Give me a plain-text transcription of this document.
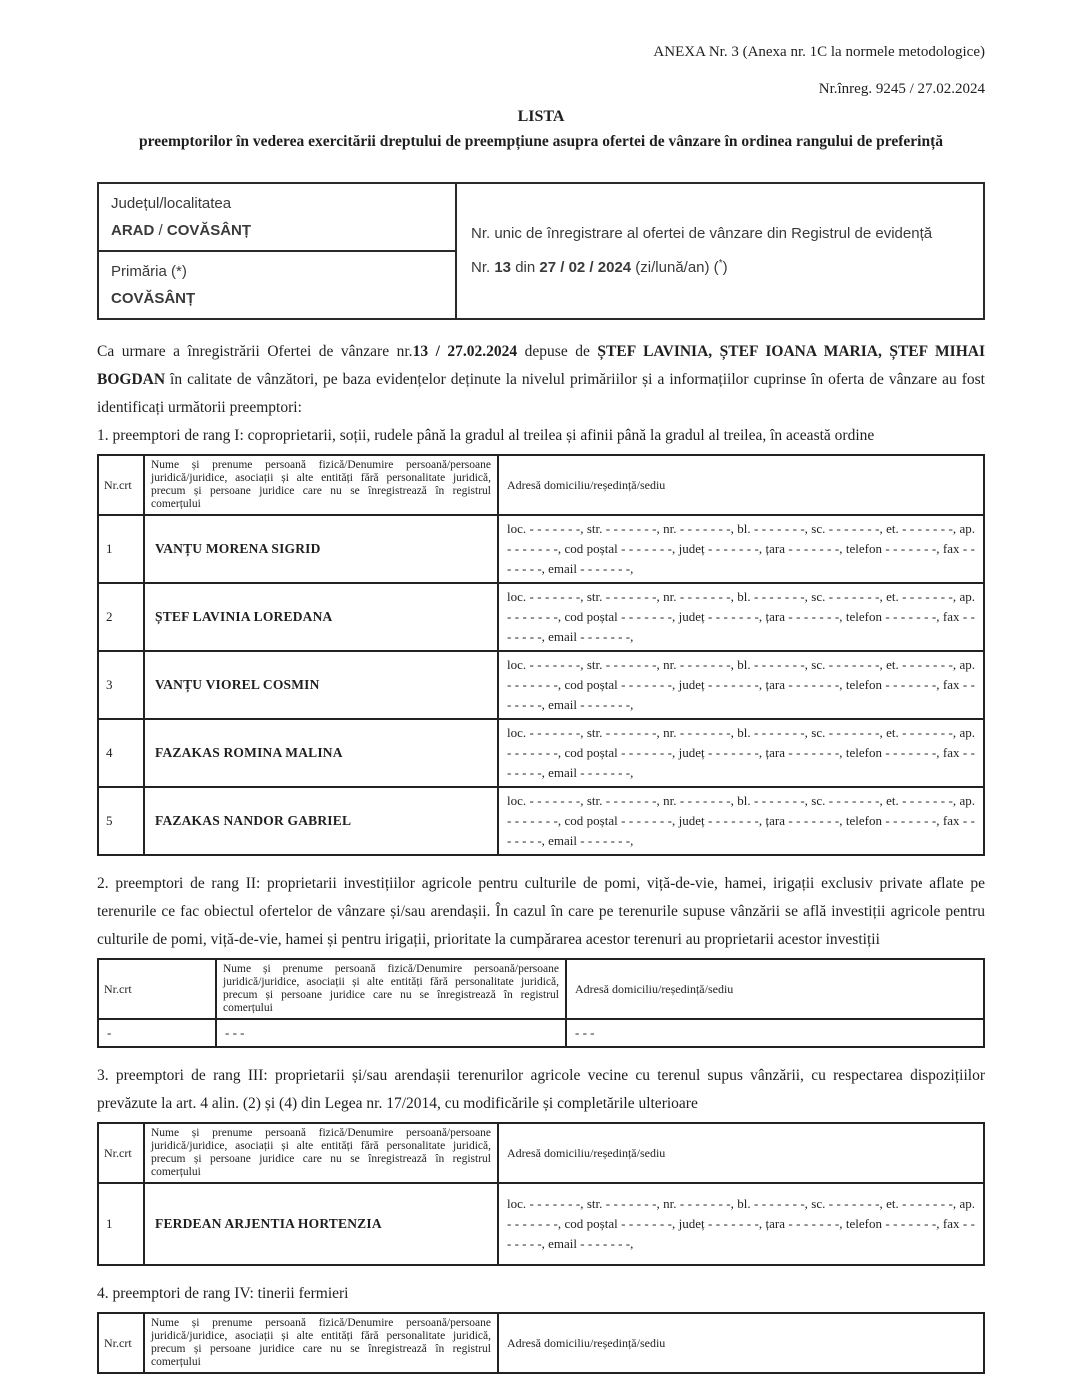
ANEXA Nr. 3 (Anexa nr. 1C la normele metodologice)
Nr.înreg. 9245 / 27.02.2024
LISTA
preemptorilor în vederea exercitării dreptului de preempțiune asupra ofertei de vânzare în ordinea rangului de preferință
Județul/localitatea
ARAD / COVĂSÂNȚ	Nr. unic de înregistrare al ofertei de vânzare din Registrul de evidență
Nr. 13 din 27 / 02 / 2024 (zi/lună/an) (*)

Primăria (*)
COVĂSÂNȚ

Ca urmare a înregistrării Ofertei de vânzare nr.13 / 27.02.2024 depuse de ȘTEF LAVINIA, ȘTEF IOANA MARIA, ȘTEF MIHAI BOGDAN în calitate de vânzători, pe baza evidențelor deținute la nivelul primăriilor și a informațiilor cuprinse în oferta de vânzare au fost identificați următorii preemptori:

1. preemptori de rang I: coproprietarii, soții, rudele până la gradul al treilea și afinii până la gradul al treilea, în această ordine

Nr.crt	Nume și prenume persoană fizică/Denumire persoană/persoane juridică/juridice, asociații și alte entități fără personalitate juridică, precum și persoane juridice care nu se înregistrează în registrul comerțului	Adresă domiciliu/reședință/sediu
1	VANȚU MORENA SIGRID	loc. - - - - - - -, str. - - - - - - -, nr. - - - - - - -, bl. - - - - - - -, sc. - - - - - - -, et. - - - - - - -, ap. - - - - - - -, cod poștal - - - - - - -, județ - - - - - - -, țara - - - - - - -, telefon - - - - - - -, fax - - - - - - -, email - - - - - - -,
2	ȘTEF LAVINIA LOREDANA	loc. - - - - - - -, str. - - - - - - -, nr. - - - - - - -, bl. - - - - - - -, sc. - - - - - - -, et. - - - - - - -, ap. - - - - - - -, cod poștal - - - - - - -, județ - - - - - - -, țara - - - - - - -, telefon - - - - - - -, fax - - - - - - -, email - - - - - - -,
3	VANȚU VIOREL COSMIN	loc. - - - - - - -, str. - - - - - - -, nr. - - - - - - -, bl. - - - - - - -, sc. - - - - - - -, et. - - - - - - -, ap. - - - - - - -, cod poștal - - - - - - -, județ - - - - - - -, țara - - - - - - -, telefon - - - - - - -, fax - - - - - - -, email - - - - - - -,
4	FAZAKAS ROMINA MALINA	loc. - - - - - - -, str. - - - - - - -, nr. - - - - - - -, bl. - - - - - - -, sc. - - - - - - -, et. - - - - - - -, ap. - - - - - - -, cod poștal - - - - - - -, județ - - - - - - -, țara - - - - - - -, telefon - - - - - - -, fax - - - - - - -, email - - - - - - -,
5	FAZAKAS NANDOR GABRIEL	loc. - - - - - - -, str. - - - - - - -, nr. - - - - - - -, bl. - - - - - - -, sc. - - - - - - -, et. - - - - - - -, ap. - - - - - - -, cod poștal - - - - - - -, județ - - - - - - -, țara - - - - - - -, telefon - - - - - - -, fax - - - - - - -, email - - - - - - -,

2. preemptori de rang II: proprietarii investițiilor agricole pentru culturile de pomi, viță-de-vie, hamei, irigații exclusiv private aflate pe terenurile ce fac obiectul ofertelor de vânzare și/sau arendașii. În cazul în care pe terenurile supuse vânzării se află investiții agricole pentru culturile de pomi, viță-de-vie, hamei și pentru irigații, prioritate la cumpărarea acestor terenuri au proprietarii acestor investiții

Nr.crt	Nume și prenume persoană fizică/Denumire persoană/persoane juridică/juridice, asociații și alte entități fără personalitate juridică, precum și persoane juridice care nu se înregistrează în registrul comerțului	Adresă domiciliu/reședință/sediu
-	- - -	- - -

3. preemptori de rang III: proprietarii și/sau arendașii terenurilor agricole vecine cu terenul supus vânzării, cu respectarea dispozițiilor prevăzute la art. 4 alin. (2) și (4) din Legea nr. 17/2014, cu modificările și completările ulterioare

Nr.crt	Nume și prenume persoană fizică/Denumire persoană/persoane juridică/juridice, asociații și alte entități fără personalitate juridică, precum și persoane juridice care nu se înregistrează în registrul comerțului	Adresă domiciliu/reședință/sediu
1	FERDEAN ARJENTIA HORTENZIA	loc. - - - - - - -, str. - - - - - - -, nr. - - - - - - -, bl. - - - - - - -, sc. - - - - - - -, et. - - - - - - -, ap. - - - - - - -, cod poștal - - - - - - -, județ - - - - - - -, țara - - - - - - -, telefon - - - - - - -, fax - - - - - - -, email - - - - - - -,

4. preemptori de rang IV: tinerii fermieri

Nr.crt	Nume și prenume persoană fizică/Denumire persoană/persoane juridică/juridice, asociații și alte entități fără personalitate juridică, precum și persoane juridice care nu se înregistrează în registrul comerțului	Adresă domiciliu/reședință/sediu
